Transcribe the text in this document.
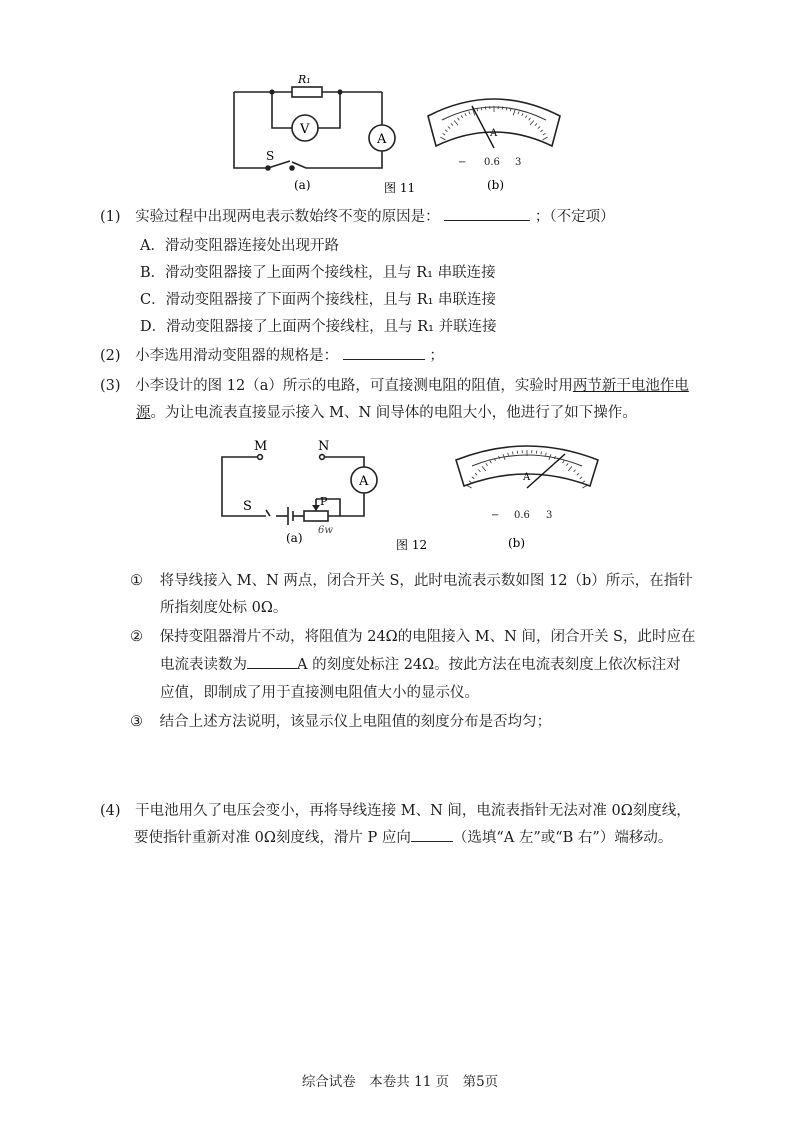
R₁
V
A
S
(a)	图 11	(b)
A
− 0.6 3
(1) 实验过程中出现两电表示数始终不变的原因是：	；（不定项）
A．滑动变阻器连接处出现开路
B．滑动变阻器接了上面两个接线柱，且与 R₁ 串联连接
C．滑动变阻器接了下面两个接线柱，且与 R₁ 串联连接
D．滑动变阻器接了上面两个接线柱，且与 R₁ 并联连接
(2) 小李选用滑动变阻器的规格是：	；
(3) 小李设计的图 12（a）所示的电路，可直接测电阻的阻值，实验时用两节新干电池作电
源。为让电流表直接显示接入 M、N 间导体的电阻大小，他进行了如下操作。
M	N
S	P
A
6w
(a)	图 12	(b)
A
− 0.6 3
① 将导线接入 M、N 两点，闭合开关 S，此时电流表示数如图 12（b）所示，在指针
所指刻度处标 0Ω。
② 保持变阻器滑片不动，将阻值为 24Ω的电阻接入 M、N 间，闭合开关 S，此时应在
电流表读数为	A 的刻度处标注 24Ω。按此方法在电流表刻度上依次标注对
应值，即制成了用于直接测电阻值大小的显示仪。
③ 结合上述方法说明，该显示仪上电阻值的刻度分布是否均匀；
(4) 干电池用久了电压会变小，再将导线连接 M、N 间，电流表指针无法对准 0Ω刻度线，
要使指针重新对准 0Ω刻度线，滑片 P 应向	（选填“A 左”或“B 右”）端移动。
综合试卷　本卷共 11 页　第5页
